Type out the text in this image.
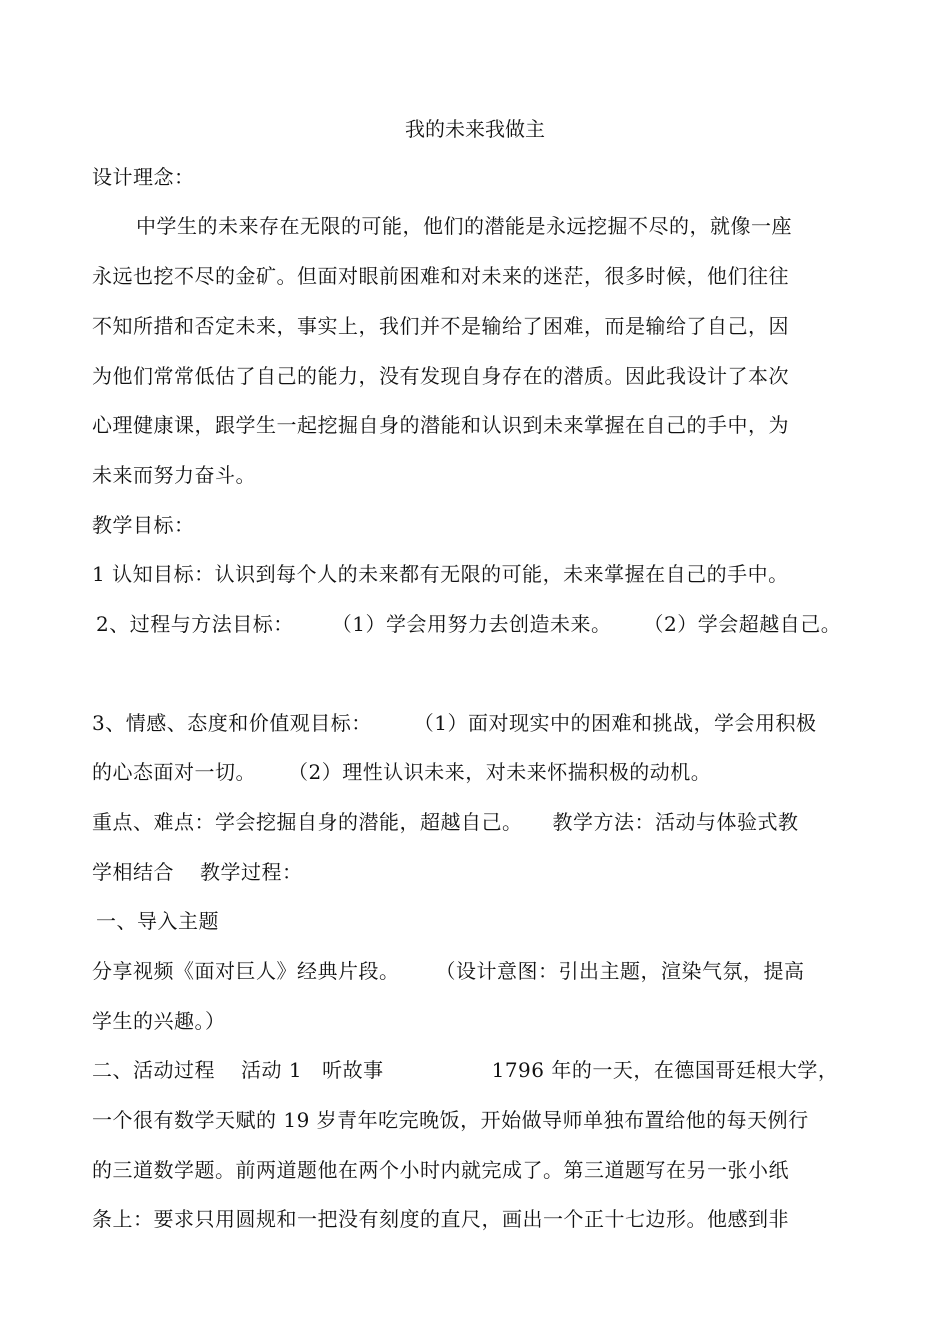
我的未来我做主
设计理念：
中学生的未来存在无限的可能，他们的潜能是永远挖掘不尽的，就像一座
永远也挖不尽的金矿。但面对眼前困难和对未来的迷茫，很多时候，他们往往
不知所措和否定未来，事实上，我们并不是输给了困难，而是输给了自己，因
为他们常常低估了自己的能力，没有发现自身存在的潜质。因此我设计了本次
心理健康课，跟学生一起挖掘自身的潜能和认识到未来掌握在自己的手中，为
未来而努力奋斗。
教学目标：
1 认知目标：认识到每个人的未来都有无限的可能，未来掌握在自己的手中。
2、过程与方法目标： （1）学会用努力去创造未来。 （2）学会超越自己。
3、情感、态度和价值观目标： （1）面对现实中的困难和挑战，学会用积极
的心态面对一切。 （2）理性认识未来，对未来怀揣积极的动机。
重点、难点：学会挖掘自身的潜能，超越自己。 教学方法：活动与体验式教
学相结合 教学过程：
一、导入主题
分享视频《面对巨人》经典片段。 （设计意图：引出主题，渲染气氛，提高
学生的兴趣。）
二、活动过程 活动 1 听故事	1796 年的一天，在德国哥廷根大学，
一个很有数学天赋的 19 岁青年吃完晚饭，开始做导师单独布置给他的每天例行
的三道数学题。前两道题他在两个小时内就完成了。第三道题写在另一张小纸
条上：要求只用圆规和一把没有刻度的直尺，画出一个正十七边形。他感到非
